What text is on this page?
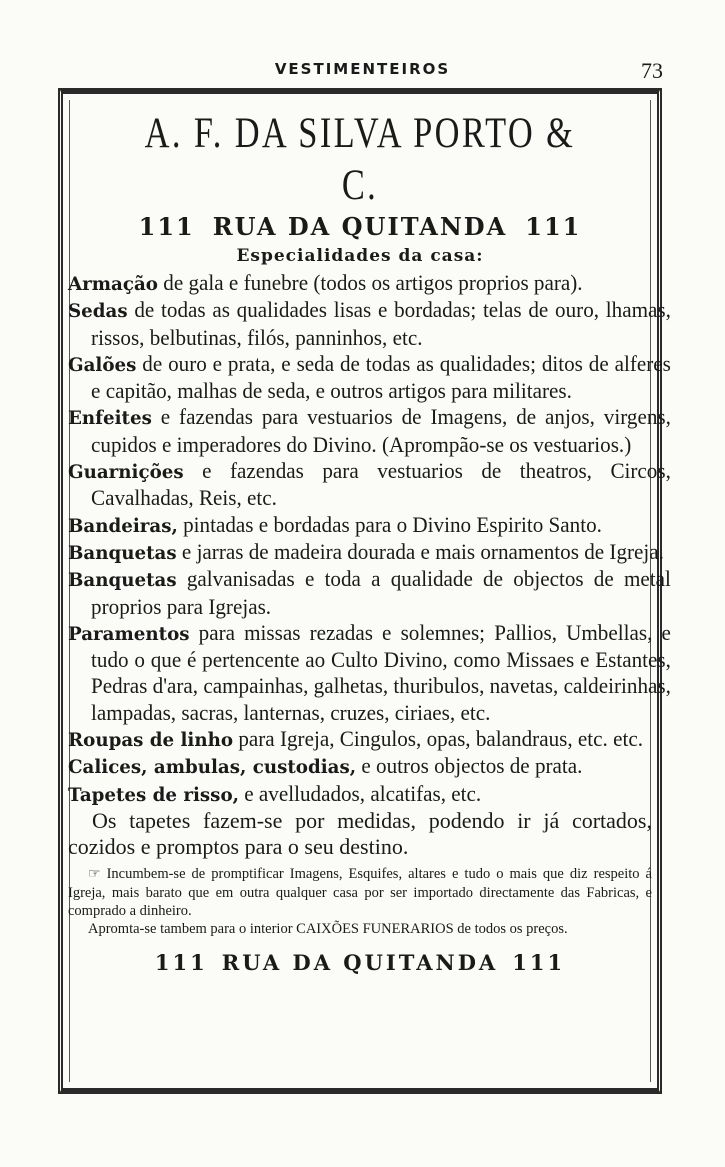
VESTIMENTEIROS	73
A. F. DA SILVA PORTO & C.
111 RUA DA QUITANDA 111
Especialidades da casa:
Armação de gala e funebre (todos os artigos proprios para).
Sedas de todas as qualidades lisas e bordadas; telas de ouro, lhamas, rissos, belbutinas, filós, panninhos, etc.
Galões de ouro e prata, e seda de todas as qualidades; ditos de alferes e capitão, malhas de seda, e outros artigos para militares.
Enfeites e fazendas para vestuarios de Imagens, de anjos, virgens, cupidos e imperadores do Divino. (Aprompão-se os vestuarios.)
Guarnições e fazendas para vestuarios de theatros, Circos, Cavalhadas, Reis, etc.
Bandeiras, pintadas e bordadas para o Divino Espirito Santo.
Banquetas e jarras de madeira dourada e mais ornamentos de Igreja.
Banquetas galvanisadas e toda a qualidade de objectos de metal proprios para Igrejas.
Paramentos para missas rezadas e solemnes; Pallios, Umbellas, e tudo o que é pertencente ao Culto Divino, como Missaes e Estantes, Pedras d'ara, campainhas, galhetas, thuribulos, navetas, caldeirinhas, lampadas, sacras, lanternas, cruzes, ciriaes, etc.
Roupas de linho para Igreja, Cingulos, opas, balandraus, etc. etc.
Calices, ambulas, custodias, e outros objectos de prata.
Tapetes de risso, e avelludados, alcatifas, etc.
Os tapetes fazem-se por medidas, podendo ir já cortados, cozidos e promptos para o seu destino.
☞ Incumbem-se de promptificar Imagens, Esquifes, altares e tudo o mais que diz respeito á Igreja, mais barato que em outra qualquer casa por ser importado directamente das Fabricas, e comprado a dinheiro.
Apromta-se tambem para o interior CAIXÕES FUNERARIOS de todos os preços.
111 RUA DA QUITANDA 111
